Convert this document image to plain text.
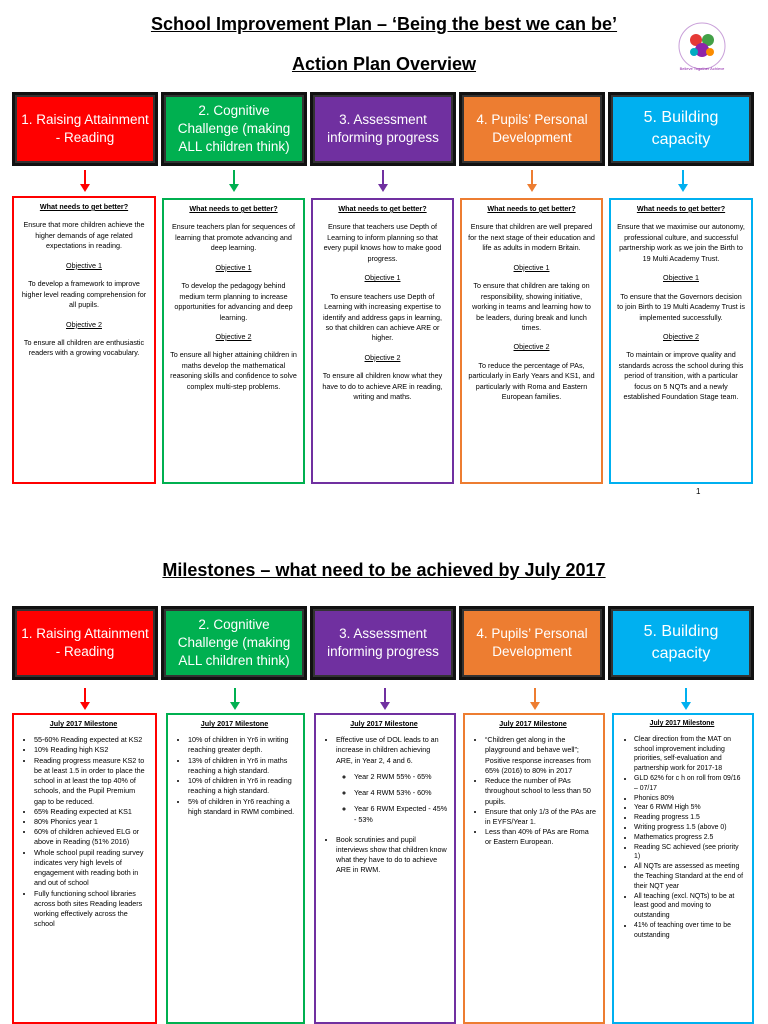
School Improvement Plan – ‘Being the best we can be’
Action Plan Overview
Milestones – what need to be achieved by July 2017
Believe Together Achieve
1. Raising Attainment - Reading
2. Cognitive Challenge (making ALL children think)
3. Assessment informing progress
4. Pupils’ Personal Development
5. Building capacity
What needs to get better?
Ensure that more children achieve the higher demands of age related expectations in reading.
Objective 1
To develop a framework to improve higher level reading comprehension for all pupils.
Objective 2
To ensure all children are enthusiastic readers with a growing vocabulary.
What needs to get better?
Ensure teachers plan for sequences of learning that promote advancing and deep learning.
Objective 1
To develop the pedagogy behind medium term planning to increase opportunities for advancing and deep learning.
Objective 2
To ensure all higher attaining children in maths develop the mathematical reasoning skills and confidence to solve complex multi-step problems.
What needs to get better?
Ensure that teachers use Depth of Learning to inform planning so that every pupil knows how to make good progress.
Objective 1
To ensure teachers use Depth of Learning with increasing expertise to identify and address gaps in learning, so that children can achieve ARE or higher.
Objective 2
To ensure all children know what they have to do to achieve ARE in reading, writing and maths.
What needs to get better?
Ensure that children are well prepared for the next stage of their education and life as adults in modern Britain.
Objective 1
To ensure that children are taking on responsibility, showing initiative, working in teams and learning how to be leaders, during break and lunch times.
Objective 2
To reduce the percentage of PAs, particularly in Early Years and KS1, and particularly with Roma and Eastern European families.
What needs to get better?
Ensure that we maximise our autonomy, professional culture, and successful partnership work as we join the Birth to 19 Multi Academy Trust.
Objective 1
To ensure that the Governors decision to join Birth to 19 Multi Academy Trust is implemented successfully.
Objective 2
To maintain or improve quality and standards across the school during this period of transition, with a particular focus on 5 NQTs and a newly established Foundation Stage team.
1
1. Raising Attainment - Reading
2. Cognitive Challenge (making ALL children think)
3. Assessment informing progress
4. Pupils’ Personal Development
5. Building capacity
July 2017 Milestone
• 55-60% Reading expected at KS2
• 10% Reading high KS2
• Reading progress measure KS2 to be at least 1.5 in order to place the school in at least the top 40% of schools, and the Pupil Premium gap to be reduced.
• 65% Reading expected at KS1
• 80% Phonics year 1
• 60% of children achieved ELG or above in Reading (51% 2016)
• Whole school pupil reading survey indicates very high levels of engagement with reading both in and out of school
• Fully functioning school libraries across both sites Reading leaders working effectively across the school
July 2017 Milestone
• 10% of children in Yr6 in writing reaching greater depth.
• 13% of children in Yr6 in maths reaching a high standard.
• 10% of children in Yr6 in reading reaching a high standard.
• 5% of children in Yr6 reaching a high standard in RWM combined.
July 2017 Milestone
• Effective use of DOL leads to an increase in children achieving ARE, in Year 2, 4 and 6.
◦ Year 2 RWM 55% - 65%
◦ Year 4 RWM 53% - 60%
◦ Year 6 RWM Expected - 45% - 53%
• Book scrutinies and pupil interviews show that children know what they have to do to achieve ARE in RWM.
July 2017 Milestone
• “Children get along in the playground and behave well”; Positive response increases from 65% (2016) to 80% in 2017
• Reduce the number of PAs throughout school to less than 50 pupils.
• Ensure that only 1/3 of the PAs are in EYFS/Year 1.
• Less than 40% of PAs are Roma or Eastern European.
July 2017 Milestone
• Clear direction from the MAT on school improvement including priorities, self-evaluation and partnership work for 2017-18
• GLD 62% for c h on roll from 09/16 – 07/17
• Phonics 80%
• Year 6 RWM High 5%
• Reading progress 1.5
• Writing progress 1.5 (above 0)
• Mathematics progress 2.5
• Reading SC achieved (see priority 1)
• All NQTs are assessed as meeting the Teaching Standard at the end of their NQT year
• All teaching (excl. NQTs) to be at least good and moving to outstanding
• 41% of teaching over time to be outstanding
